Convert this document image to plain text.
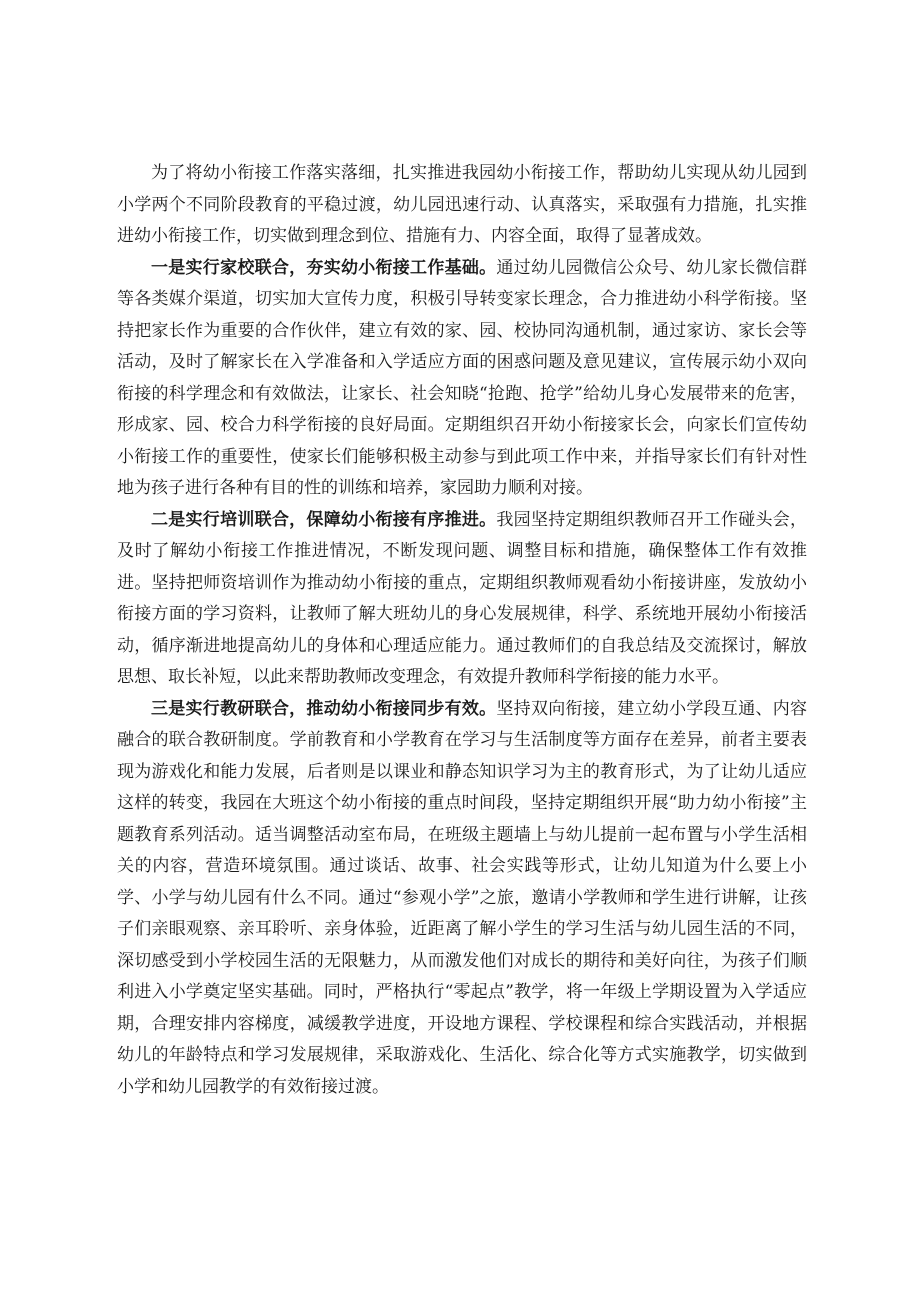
为了将幼小衔接工作落实落细，扎实推进我园幼小衔接工作，帮助幼儿实现从幼儿园到小学两个不同阶段教育的平稳过渡，幼儿园迅速行动、认真落实，采取强有力措施，扎实推进幼小衔接工作，切实做到理念到位、措施有力、内容全面，取得了显著成效。

一是实行家校联合，夯实幼小衔接工作基础。通过幼儿园微信公众号、幼儿家长微信群等各类媒介渠道，切实加大宣传力度，积极引导转变家长理念，合力推进幼小科学衔接。坚持把家长作为重要的合作伙伴，建立有效的家、园、校协同沟通机制，通过家访、家长会等活动，及时了解家长在入学准备和入学适应方面的困惑问题及意见建议，宣传展示幼小双向衔接的科学理念和有效做法，让家长、社会知晓“抢跑、抢学”给幼儿身心发展带来的危害，形成家、园、校合力科学衔接的良好局面。定期组织召开幼小衔接家长会，向家长们宣传幼小衔接工作的重要性，使家长们能够积极主动参与到此项工作中来，并指导家长们有针对性地为孩子进行各种有目的性的训练和培养，家园助力顺利对接。

二是实行培训联合，保障幼小衔接有序推进。我园坚持定期组织教师召开工作碰头会，及时了解幼小衔接工作推进情况，不断发现问题、调整目标和措施，确保整体工作有效推进。坚持把师资培训作为推动幼小衔接的重点，定期组织教师观看幼小衔接讲座，发放幼小衔接方面的学习资料，让教师了解大班幼儿的身心发展规律，科学、系统地开展幼小衔接活动，循序渐进地提高幼儿的身体和心理适应能力。通过教师们的自我总结及交流探讨，解放思想、取长补短，以此来帮助教师改变理念，有效提升教师科学衔接的能力水平。

三是实行教研联合，推动幼小衔接同步有效。坚持双向衔接，建立幼小学段互通、内容融合的联合教研制度。学前教育和小学教育在学习与生活制度等方面存在差异，前者主要表现为游戏化和能力发展，后者则是以课业和静态知识学习为主的教育形式，为了让幼儿适应这样的转变，我园在大班这个幼小衔接的重点时间段，坚持定期组织开展“助力幼小衔接”主题教育系列活动。适当调整活动室布局，在班级主题墙上与幼儿提前一起布置与小学生活相关的内容，营造环境氛围。通过谈话、故事、社会实践等形式，让幼儿知道为什么要上小学、小学与幼儿园有什么不同。通过“参观小学”之旅，邀请小学教师和学生进行讲解，让孩子们亲眼观察、亲耳聆听、亲身体验，近距离了解小学生的学习生活与幼儿园生活的不同，深切感受到小学校园生活的无限魅力，从而激发他们对成长的期待和美好向往，为孩子们顺利进入小学奠定坚实基础。同时，严格执行“零起点”教学，将一年级上学期设置为入学适应期，合理安排内容梯度，减缓教学进度，开设地方课程、学校课程和综合实践活动，并根据幼儿的年龄特点和学习发展规律，采取游戏化、生活化、综合化等方式实施教学，切实做到小学和幼儿园教学的有效衔接过渡。
